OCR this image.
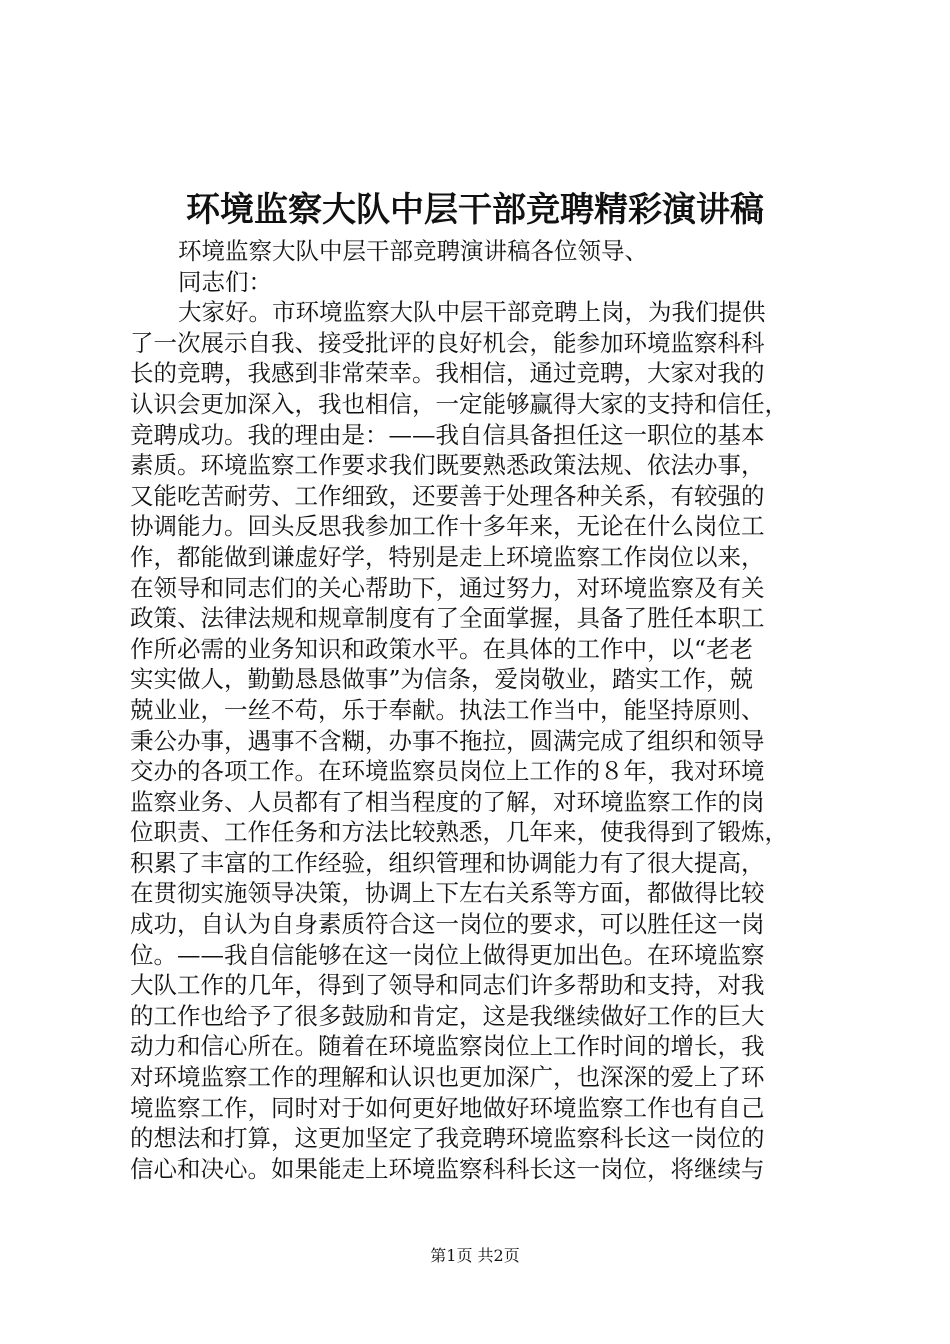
环境监察大队中层干部竞聘精彩演讲稿
环境监察大队中层干部竞聘演讲稿各位领导、
同志们：
大家好。市环境监察大队中层干部竞聘上岗，为我们提供
了一次展示自我、接受批评的良好机会，能参加环境监察科科
长的竞聘，我感到非常荣幸。我相信，通过竞聘，大家对我的
认识会更加深入，我也相信，一定能够赢得大家的支持和信任，
竞聘成功。我的理由是：——我自信具备担任这一职位的基本
素质。环境监察工作要求我们既要熟悉政策法规、依法办事，
又能吃苦耐劳、工作细致，还要善于处理各种关系，有较强的
协调能力。回头反思我参加工作十多年来，无论在什么岗位工
作，都能做到谦虚好学，特别是走上环境监察工作岗位以来，
在领导和同志们的关心帮助下，通过努力，对环境监察及有关
政策、法律法规和规章制度有了全面掌握，具备了胜任本职工
作所必需的业务知识和政策水平。在具体的工作中，以“老老
实实做人，勤勤恳恳做事”为信条，爱岗敬业，踏实工作，兢
兢业业，一丝不苟，乐于奉献。执法工作当中，能坚持原则、
秉公办事，遇事不含糊，办事不拖拉，圆满完成了组织和领导
交办的各项工作。在环境监察员岗位上工作的８年，我对环境
监察业务、人员都有了相当程度的了解，对环境监察工作的岗
位职责、工作任务和方法比较熟悉，几年来，使我得到了锻炼，
积累了丰富的工作经验，组织管理和协调能力有了很大提高，
在贯彻实施领导决策，协调上下左右关系等方面，都做得比较
成功，自认为自身素质符合这一岗位的要求，可以胜任这一岗
位。——我自信能够在这一岗位上做得更加出色。在环境监察
大队工作的几年，得到了领导和同志们许多帮助和支持，对我
的工作也给予了很多鼓励和肯定，这是我继续做好工作的巨大
动力和信心所在。随着在环境监察岗位上工作时间的增长，我
对环境监察工作的理解和认识也更加深广，也深深的爱上了环
境监察工作，同时对于如何更好地做好环境监察工作也有自己
的想法和打算，这更加坚定了我竞聘环境监察科长这一岗位的
信心和决心。如果能走上环境监察科科长这一岗位，将继续与
第1页 共2页
